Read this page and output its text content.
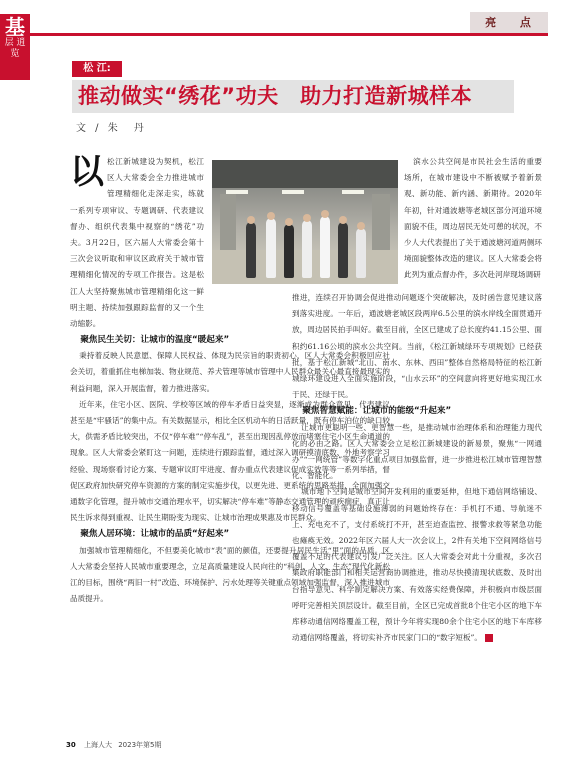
基
层 逍 览
亮 点
松 江:
推动做实“绣花”功夫　助力打造新城样本
文 / 朱　丹
以 松江新城建设为契机，松江区人大常委会全力推进城市管理精细化走深走实，练就一系列专项审议、专题调研、代表建议督办、组织代表集中视察的“绣花”功夫。3月22日，区六届人大常委会第十三次会议听取和审议区政府关于城市管理精细化情况的专项工作报告。这是松江人大坚持聚焦城市管理精细化这一鲜明主题、持续加强跟踪监督的又一个生动缩影。
聚焦民生关切：让城市的温度“暖起来”

秉持着反映人民意愿、保障人民权益、体现为民宗旨的职责初心，区人大常委会积极回应社会关切，着重抓住电梯加装、物业规范、养犬管理等城市管理中人民群众最关心最直接最现实的利益问题，深入开展监督，着力推进落实。

近年来，住宅小区、医院、学校等区域的停车矛盾日益突显，逐渐成为群众意见、代表建议甚至是“牢骚话”的集中点。有关数据显示，相比全区机动车的日活跃量，既有停车泊位的缺口较大，供需矛盾比较突出，不仅“停车难”“停车乱”，甚至出现因乱停放而堵塞住宅小区生命通道的现象。区人大常委会紧盯这一问题，连续进行跟踪监督，通过深入调研摸清底数、外地考察学习经验、现场察看讨论方案、专题审议盯牢进度、督办重点代表建议促成实效等等一系列举措，督促区政府加快研究停车资源的方案的制定实施步伐，以更先进、更系统的思路举措，全面加强交通数字化管理，提升城市交通治理水平，切实解决“停车难”等静态交通管理的顽疾痼症，真正让民生诉求得到重视、让民生期盼变为现实、让城市治理成果惠及市民群众。

聚焦人居环境：让城市的品质“好起来”

加强城市管理精细化，不但要美化城市“表”面的颜值，还要提升居民生活“里”面的品质。区人大常委会坚持人民城市重要理念，立足高质量建设人民向往的“科创、人文、生态”现代化新松江的目标，围绕“两旧一村”改造、环境保护、污水处理等关键重点领域加强监督，深入推进城市品质提升。

滨水公共空间是市民社会生活的重要场所，在城市建设中不断被赋予着新景观、新功能、新内涵、新期待。2020年年初，针对通波塘等老城区部分河道环境面貌不佳，周边居民无处可憩的状况，不少人大代表提出了关于通波塘河道两侧环境面貌整体改造的建议。区人大常委会将此列为重点督办件，多次赴河岸现场调研

推进，连续召开协调会促进推动问题逐个突破解决，及时函告意见建议落到落实进度。一年后，通波塘老城区段两岸6.5公里的滨水岸线全面贯通开放，周边居民拍手叫好。截至目前，全区已建成了总长度约41.15公里、面积约61.16公顷的滨水公共空间。当前，《松江新城绿环专项规划》已经获批，基于松江新城“北山、南水、东林、西田”整体自然格局特征的松江新城绿环建设进入全面实施阶段，“山水云环”的空间意向将更好地实现江水于民、还绿于民。

聚焦智慧赋能：让城市的能级“升起来”

让城市更聪明一些、更智慧一些，是推动城市治理体系和治理能力现代化的必由之路。区人大常委会立足松江新城建设的新易景，聚焦“一网通办”“一网统管”等数字化重点项目加强监督，进一步推进松江城市管理智慧化、智能化。

城市地下空间是城市空间开发利用的重要延伸，但地下通信网络铺设、移动信号覆盖等基础设施薄弱的问题始终存在：手机打不通、导航迷不上、充电充不了，支付系统打不开，甚至迫查监控、报警求救等紧急功能也瘫痪无效。2022年区六届人大一次会议上，2件有关地下空间网络信号覆盖不足的代表建议引发广泛关注。区人大常委会对此十分重视，多次召集政府职能部门和相关运营商协调推进，推动尽快摸清现状底数、及时出台指导意见、科学制定解决方案、有效落实经费保障，并积极向市级层面呼吁完善相关顶层设计。截至目前，全区已完成首批8个住宅小区的地下车库移动通信网络覆盖工程，预计今年将实现80余个住宅小区的地下车库移动通信网络覆盖，将切实补齐市民家门口的“数字短板”。

30 上海人大 2023年第5期
